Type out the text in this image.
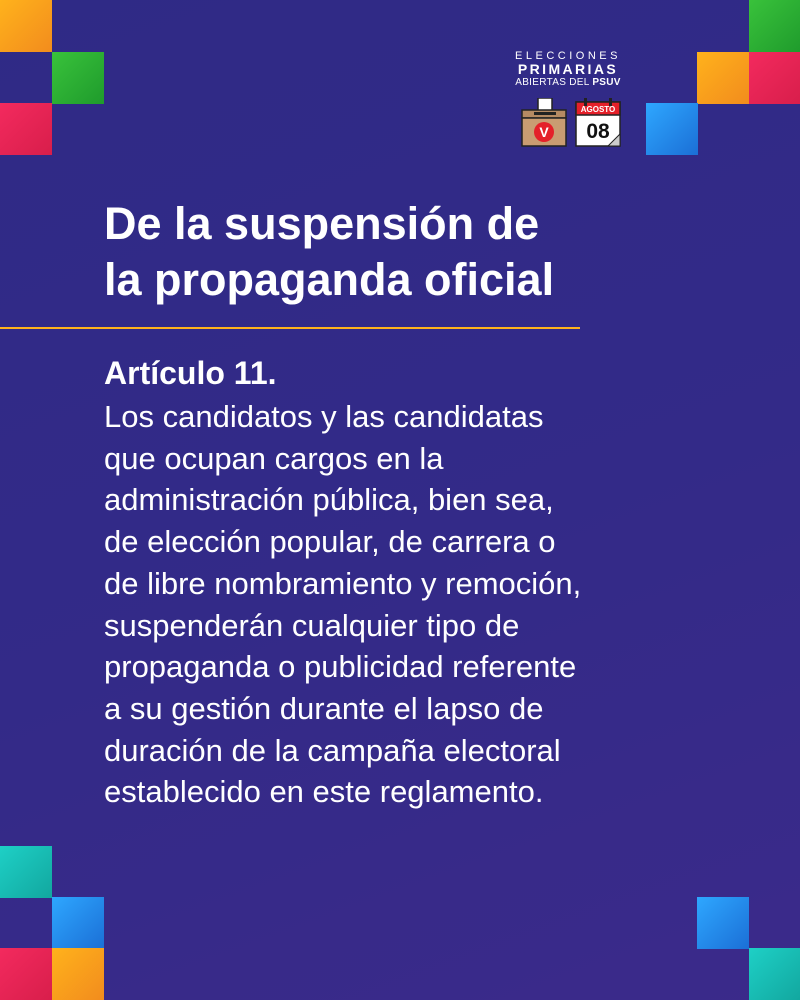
ELECCIONES
PRIMARIAS
ABIERTAS DEL PSUV
V
AGOSTO
08
De la suspensión de
la propaganda oficial
Artículo 11.
Los candidatos y las candidatas
que ocupan cargos en la
administración pública, bien sea,
de elección popular, de carrera o
de libre nombramiento y remoción,
suspenderán cualquier tipo de
propaganda o publicidad referente
a su gestión durante el lapso de
duración de la campaña electoral
establecido en este reglamento.
